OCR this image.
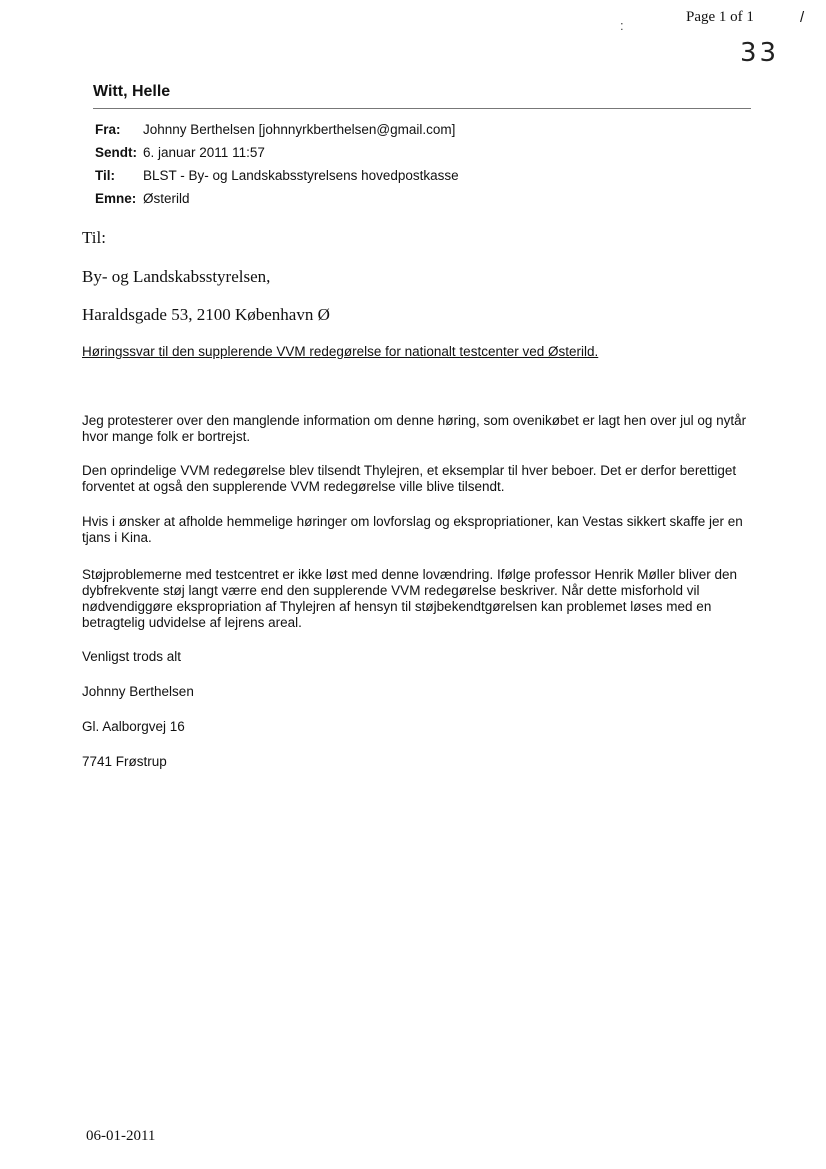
Page 1 of 1	/
:
33
Witt, Helle
Fra:	Johnny Berthelsen [johnnyrkberthelsen@gmail.com]
Sendt:	6. januar 2011 11:57
Til:	BLST - By- og Landskabsstyrelsens hovedpostkasse
Emne:	Østerild
Til:
By- og Landskabsstyrelsen,
Haraldsgade 53, 2100 København Ø
Høringssvar til den supplerende VVM redegørelse for nationalt testcenter ved Østerild.

Jeg protesterer over den manglende information om denne høring, som ovenikøbet er lagt hen over jul og nytår hvor mange folk er bortrejst.

Den oprindelige VVM redegørelse blev tilsendt Thylejren, et eksemplar til hver beboer. Det er derfor berettiget forventet at også den supplerende VVM redegørelse ville blive tilsendt.

Hvis i ønsker at afholde hemmelige høringer om lovforslag og ekspropriationer, kan Vestas sikkert skaffe jer en tjans i Kina.

Støjproblemerne med testcentret er ikke løst med denne lovændring. Ifølge professor Henrik Møller bliver den dybfrekvente støj langt værre end den supplerende VVM redegørelse beskriver. Når dette misforhold vil nødvendiggøre ekspropriation af Thylejren af hensyn til støjbekendtgørelsen kan problemet løses med en betragtelig udvidelse af lejrens areal.

Venligst trods alt
Johnny Berthelsen
Gl. Aalborgvej 16
7741 Frøstrup
06-01-2011
